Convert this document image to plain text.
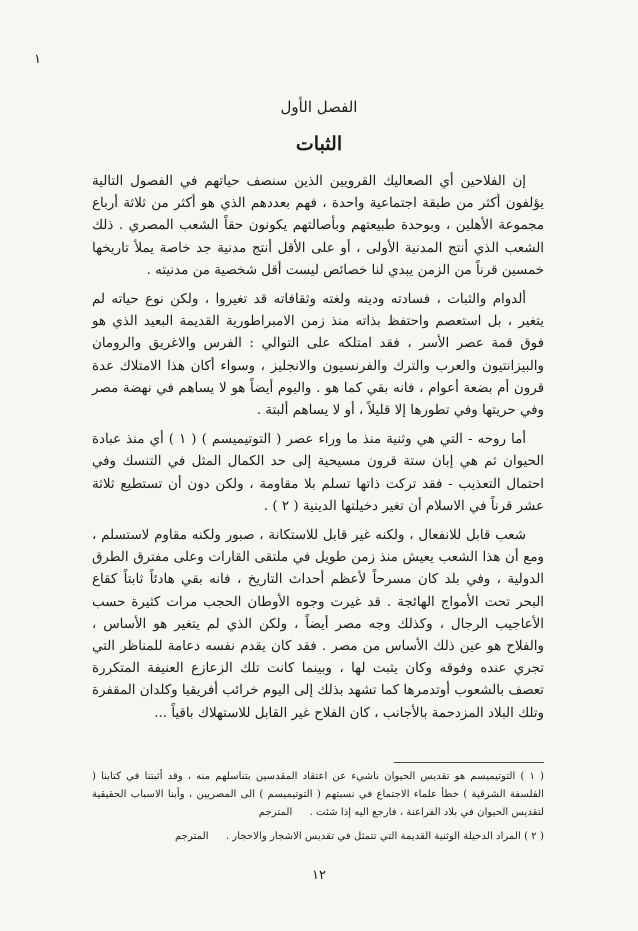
١
الفصل الأول
الثبات

إن الفلاحين أي الصعاليك القرويين الذين سنصف حياتهم في الفصول التالية يؤلفون أكثر من طبقة اجتماعية واحدة ، فهم بعددهم الذي هو أكثر من ثلاثة أرباع مجموعة الأهلين ، وبوحدة طبيعتهم وبأصالتهم يكونون حقاً الشعب المصري . ذلك الشعب الذي أنتج المدنية الأولى ، أو على الأقل أنتج مدنية جد خاصة يملأ تاريخها خمسين قرناً من الزمن يبدي لنا خصائص ليست أقل شخصية من مدنيته .

ألدوام والثبات ، فسادته ودينه ولغته وثقافاته قد تغيروا ، ولكن نوع حياته لم يتغير ، بل استعصم واحتفظ بذاته منذ زمن الامبراطورية القديمة البعيد الذي هو فوق قمة عصر الأسر ، فقد امتلكه على التوالي : الفرس والاغريق والرومان والبيزانتيون والعرب والترك والفرنسيون والانجليز ، وسواء أكان هذا الامتلاك عدة قرون أم بضعة أعوام ، فانه بقي كما هو . واليوم أيضاً هو لا يساهم في نهضة مصر وفي حريتها وفي تطورها إلا قليلاً ، أو لا يساهم ألبتة .

أما روحه - التي هي وثنية منذ ما وراء عصر ( التوتيميسم ) ( ١ ) أي منذ عبادة الحيوان ثم هي إبان ستة قرون مسيحية إلى حد الكمال المثل في التنسك وفي احتمال التعذيب - فقد تركت ذاتها تسلم بلا مقاومة ، ولكن دون أن تستطيع ثلاثة عشر قرناً في الاسلام أن تغير دخيلتها الدينية ( ٢ ) .

شعب قابل للانفعال ، ولكنه غير قابل للاستكانة ، صبور ولكنه مقاوم لاستسلم ، ومع أن هذا الشعب يعيش منذ زمن طويل في ملتقى القارات وعلى مفترق الطرق الدولية ، وفي بلد كان مسرحاً لأعظم أحداث التاريخ ، فانه بقي هادئاً ثابتاً كقاع البحر تحت الأمواج الهائجة . قد غيرت وجوه الأوطان الحجب مرات كثيرة حسب الأعاجيب الرجال ، وكذلك وجه مصر أيضاً ، ولكن الذي لم يتغير هو الأساس ، والفلاح هو عين ذلك الأساس من مصر . فقد كان يقدم نفسه دعامة للمناظر التي تجري عنده وفوقه وكان يثبت لها ، وبينما كانت تلك الزعازع العنيفة المتكررة تعصف بالشعوب أوتدمرها كما تشهد بذلك إلى اليوم خرائب أفريقيا وكلدان المقفرة وتلك البلاد المزدحمة بالأجانب ، كان الفلاح غير القابل للاستهلاك باقياً ...

( ١ ) التوتيميسم هو تقديس الحيوان ناشيء عن اعتقاد المقدسين بتناسلهم منه ، وقد أثبتنا في كتابنا ( الفلسفة الشرقية ) خطأ علماء الاجتماع في نسبتهم ( التوتيميسم ) الى المصريين ، وأبنا الاسباب الحقيقية لتقديس الحيوان في بلاد الفراعنة ، فارجع اليه إذا شئت . المترجم

( ٢ ) المراد الدخيلة الوثنية القديمة التي تتمثل في تقديس الاشجار والاحجار . المترجم

١٢
